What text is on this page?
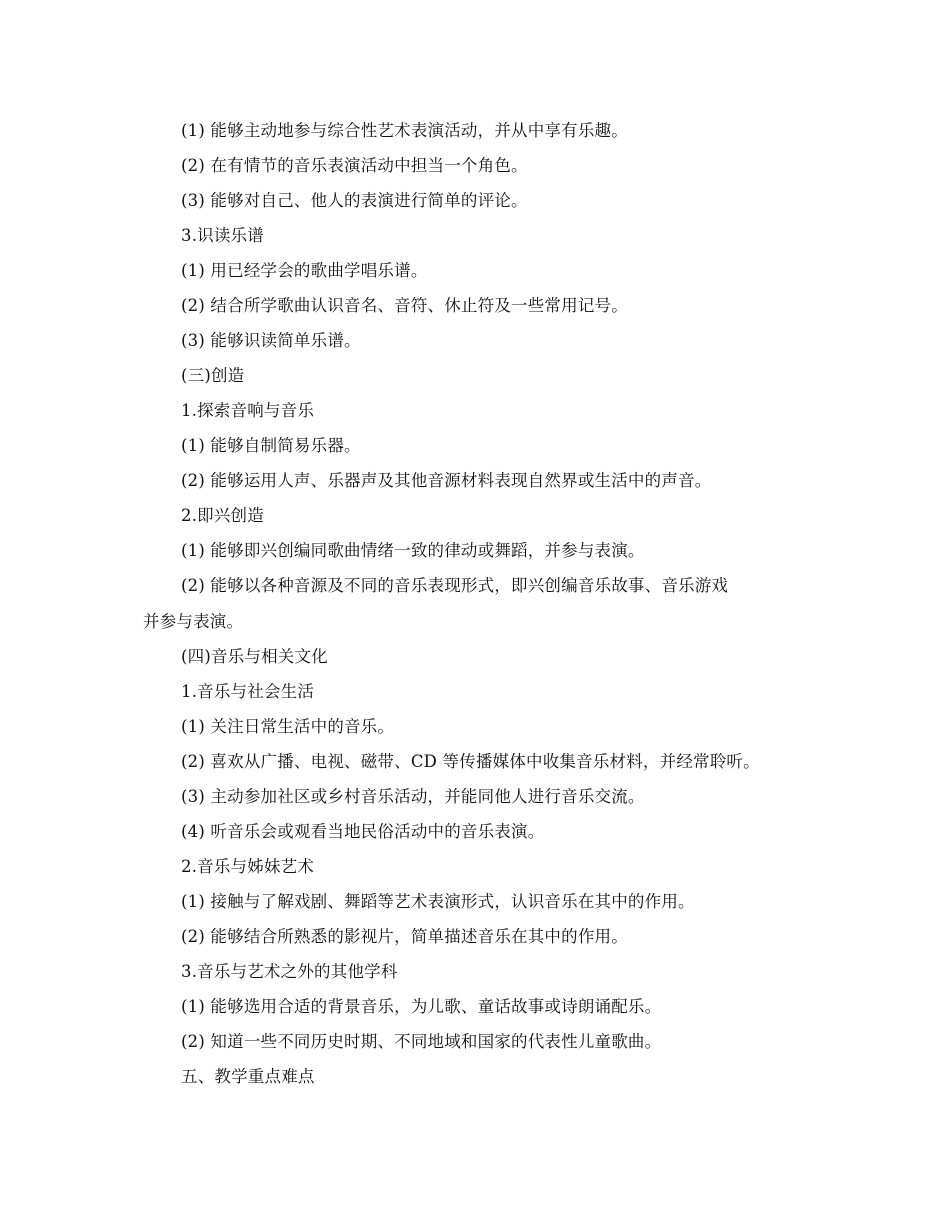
(1) 能够主动地参与综合性艺术表演活动，并从中享有乐趣。
(2) 在有情节的音乐表演活动中担当一个角色。
(3) 能够对自己、他人的表演进行简单的评论。
3.识读乐谱
(1) 用已经学会的歌曲学唱乐谱。
(2) 结合所学歌曲认识音名、音符、休止符及一些常用记号。
(3) 能够识读简单乐谱。
(三)创造
1.探索音响与音乐
(1) 能够自制简易乐器。
(2) 能够运用人声、乐器声及其他音源材料表现自然界或生活中的声音。
2.即兴创造
(1) 能够即兴创编同歌曲情绪一致的律动或舞蹈，并参与表演。
(2) 能够以各种音源及不同的音乐表现形式，即兴创编音乐故事、音乐游戏
并参与表演。
(四)音乐与相关文化
1.音乐与社会生活
(1) 关注日常生活中的音乐。
(2) 喜欢从广播、电视、磁带、CD 等传播媒体中收集音乐材料，并经常聆听。
(3) 主动参加社区或乡村音乐活动，并能同他人进行音乐交流。
(4) 听音乐会或观看当地民俗活动中的音乐表演。
2.音乐与姊妹艺术
(1) 接触与了解戏剧、舞蹈等艺术表演形式，认识音乐在其中的作用。
(2) 能够结合所熟悉的影视片，简单描述音乐在其中的作用。
3.音乐与艺术之外的其他学科
(1) 能够选用合适的背景音乐，为儿歌、童话故事或诗朗诵配乐。
(2) 知道一些不同历史时期、不同地域和国家的代表性儿童歌曲。
五、教学重点难点
